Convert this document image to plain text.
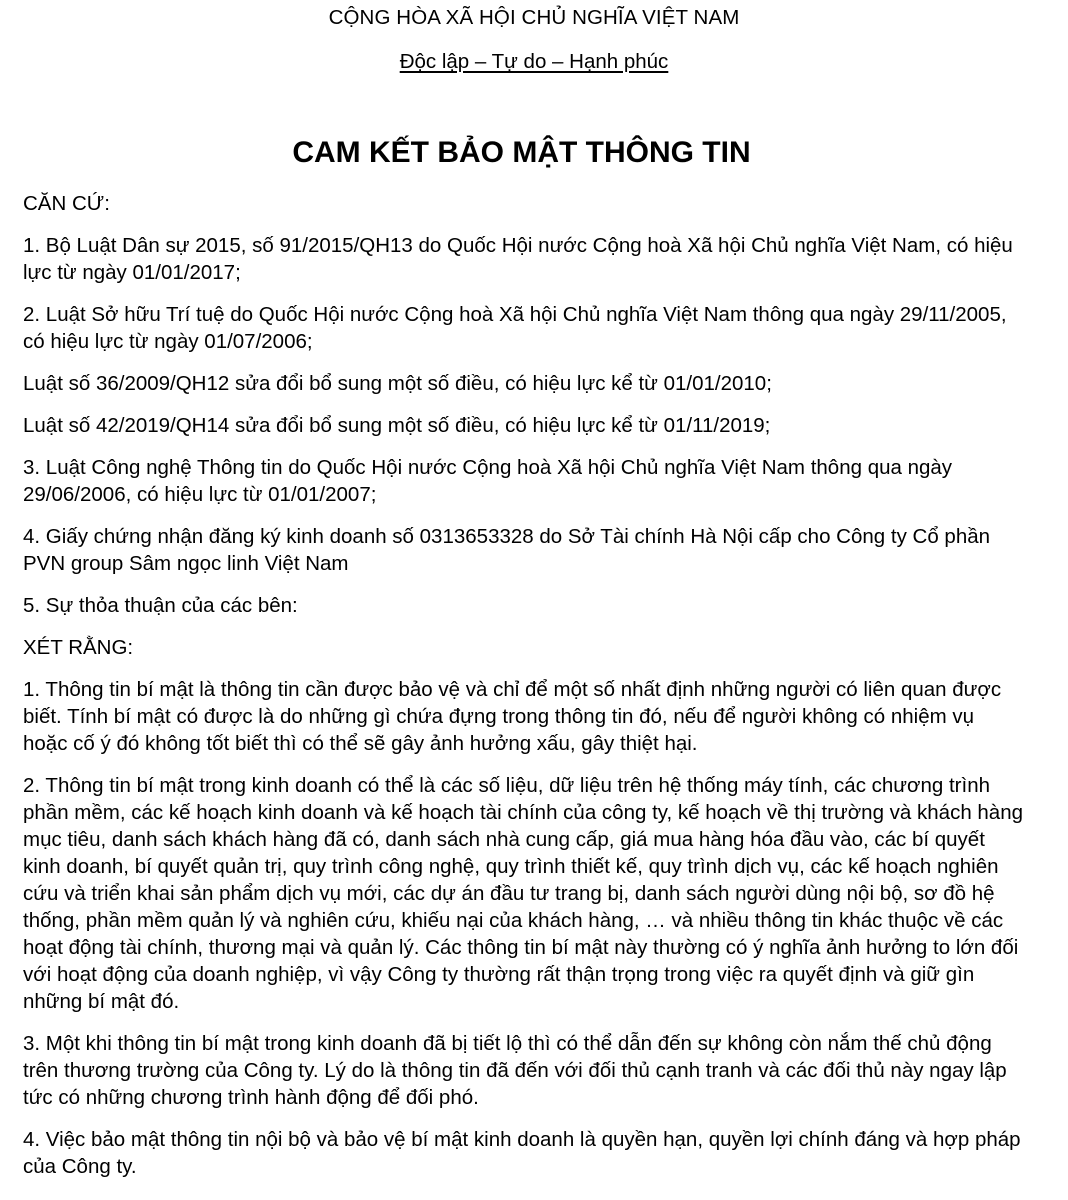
CỘNG HÒA XÃ HỘI CHỦ NGHĨA VIỆT NAM
Độc lập – Tự do – Hạnh phúc
CAM KẾT BẢO MẬT THÔNG TIN

CĂN CỨ:

1. Bộ Luật Dân sự 2015, số 91/2015/QH13 do Quốc Hội nước Cộng hoà Xã hội Chủ nghĩa Việt Nam, có hiệu lực từ ngày 01/01/2017;

2. Luật Sở hữu Trí tuệ do Quốc Hội nước Cộng hoà Xã hội Chủ nghĩa Việt Nam thông qua ngày 29/11/2005, có hiệu lực từ ngày 01/07/2006;

Luật số 36/2009/QH12 sửa đổi bổ sung một số điều, có hiệu lực kể từ 01/01/2010;

Luật số 42/2019/QH14 sửa đổi bổ sung một số điều, có hiệu lực kể từ 01/11/2019;

3. Luật Công nghệ Thông tin do Quốc Hội nước Cộng hoà Xã hội Chủ nghĩa Việt Nam thông qua ngày 29/06/2006, có hiệu lực từ 01/01/2007;

4. Giấy chứng nhận đăng ký kinh doanh số 0313653328 do Sở Tài chính Hà Nội cấp cho Công ty Cổ phần PVN group Sâm ngọc linh Việt Nam

5. Sự thỏa thuận của các bên:

XÉT RẰNG:

1. Thông tin bí mật là thông tin cần được bảo vệ và chỉ để một số nhất định những người có liên quan được biết. Tính bí mật có được là do những gì chứa đựng trong thông tin đó, nếu để người không có nhiệm vụ hoặc cố ý đó không tốt biết thì có thể sẽ gây ảnh hưởng xấu, gây thiệt hại.

2. Thông tin bí mật trong kinh doanh có thể là các số liệu, dữ liệu trên hệ thống máy tính, các chương trình phần mềm, các kế hoạch kinh doanh và kế hoạch tài chính của công ty, kế hoạch về thị trường và khách hàng mục tiêu, danh sách khách hàng đã có, danh sách nhà cung cấp, giá mua hàng hóa đầu vào, các bí quyết kinh doanh, bí quyết quản trị, quy trình công nghệ, quy trình thiết kế, quy trình dịch vụ, các kế hoạch nghiên cứu và triển khai sản phẩm dịch vụ mới, các dự án đầu tư trang bị, danh sách người dùng nội bộ, sơ đồ hệ thống, phần mềm quản lý và nghiên cứu, khiếu nại của khách hàng, … và nhiều thông tin khác thuộc về các hoạt động tài chính, thương mại và quản lý. Các thông tin bí mật này thường có ý nghĩa ảnh hưởng to lớn đối với hoạt động của doanh nghiệp, vì vậy Công ty thường rất thận trọng trong việc ra quyết định và giữ gìn những bí mật đó.

3. Một khi thông tin bí mật trong kinh doanh đã bị tiết lộ thì có thể dẫn đến sự không còn nắm thế chủ động trên thương trường của Công ty. Lý do là thông tin đã đến với đối thủ cạnh tranh và các đối thủ này ngay lập tức có những chương trình hành động để đối phó.

4. Việc bảo mật thông tin nội bộ và bảo vệ bí mật kinh doanh là quyền hạn, quyền lợi chính đáng và hợp pháp của Công ty.
